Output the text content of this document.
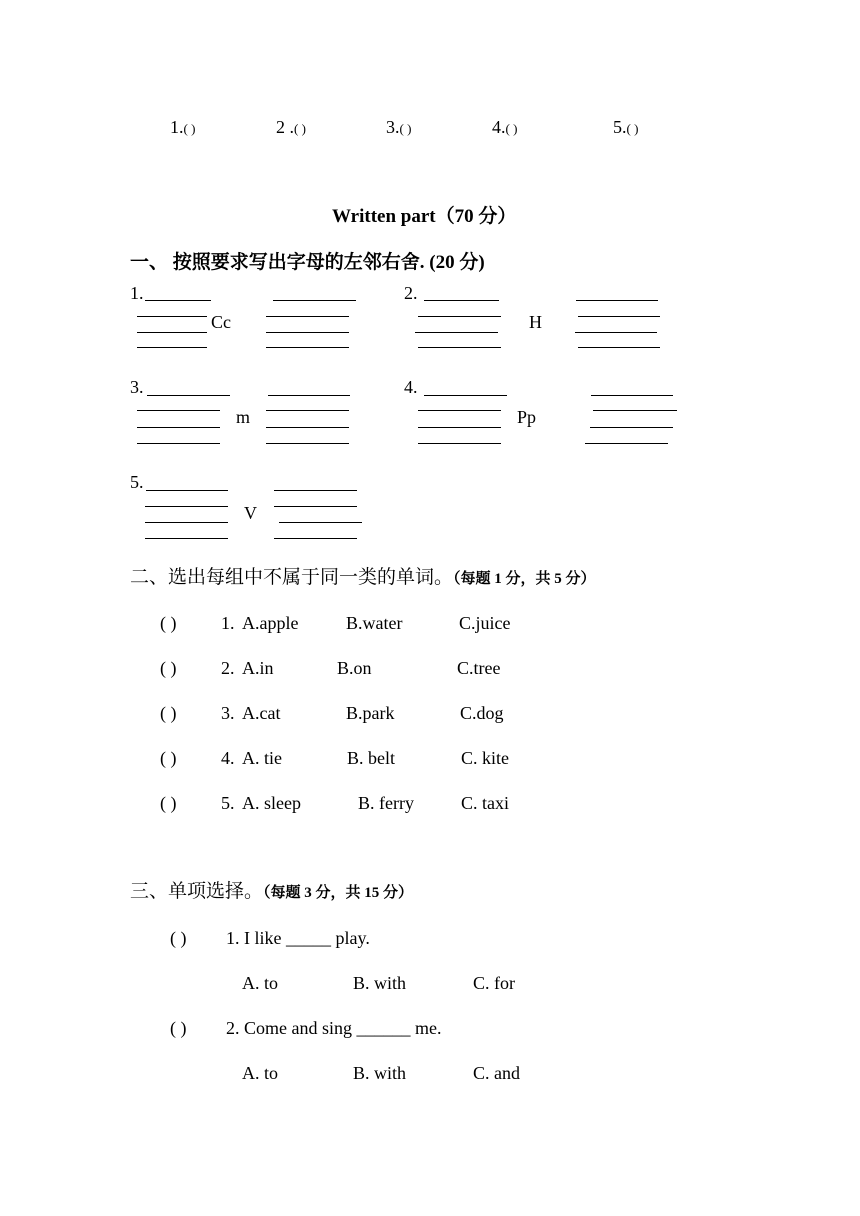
1.( )	2 .( )	3.( )	4.( )	5.( )
Written part（70 分）
一、 按照要求写出字母的左邻右舍. (20 分)
1.
Cc
2.
H
3.
m
4.
Pp
5.
V
二、选出每组中不属于同一类的单词。（每题 1 分，共 5 分）
( ) 1. A.apple	B.water	C.juice
( ) 2. A.in	B.on	C.tree
( ) 3. A.cat	B.park	C.dog
( ) 4. A. tie	B. belt	C. kite
( ) 5. A. sleep	B. ferry	C. taxi
三、单项选择。（每题 3 分，共 15 分）
( ) 1. I like _____ play.
A. to	B. with	C. for
( ) 2. Come and sing ______ me.
A. to	B. with	C. and
